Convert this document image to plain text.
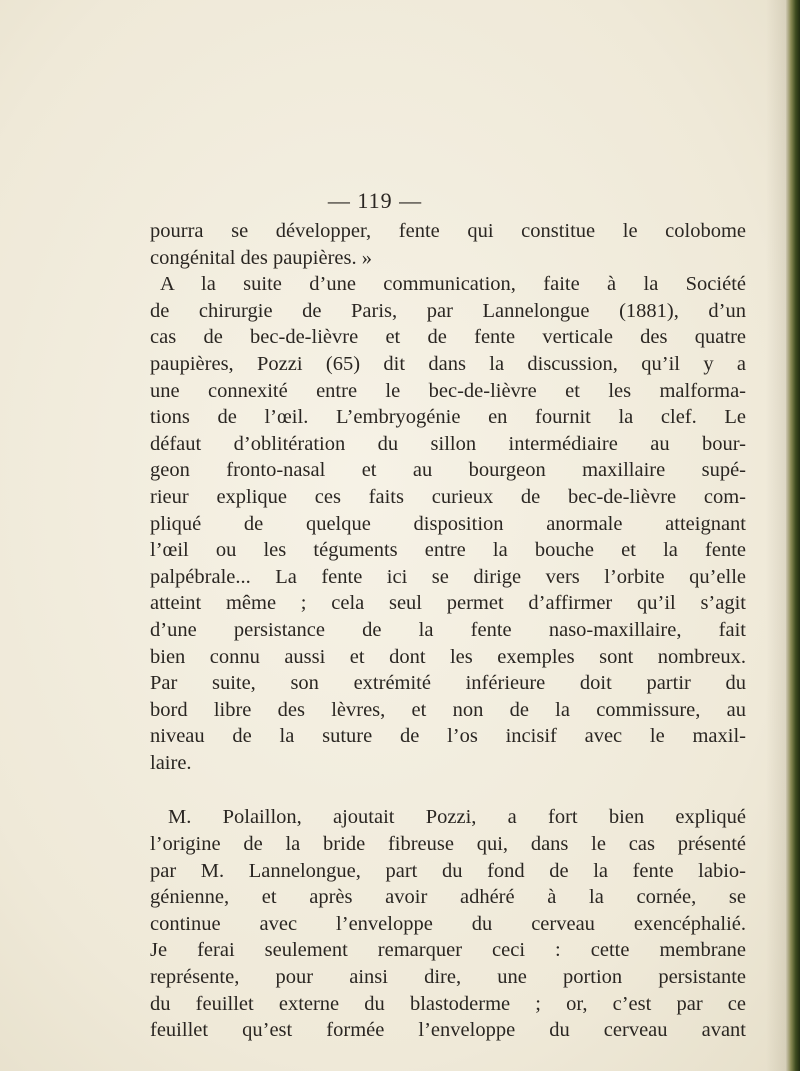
— 119 —
pourra se développer, fente qui constitue le colobome
congénital des paupières. »
A la suite d’une communication, faite à la Société
de chirurgie de Paris, par Lannelongue (1881), d’un
cas de bec-de-lièvre et de fente verticale des quatre
paupières, Pozzi (65) dit dans la discussion, qu’il y a
une connexité entre le bec-de-lièvre et les malforma-
tions de l’œil. L’embryogénie en fournit la clef. Le
défaut d’oblitération du sillon intermédiaire au bour-
geon fronto-nasal et au bourgeon maxillaire supé-
rieur explique ces faits curieux de bec-de-lièvre com-
pliqué de quelque disposition anormale atteignant
l’œil ou les téguments entre la bouche et la fente
palpébrale... La fente ici se dirige vers l’orbite qu’elle
atteint même ; cela seul permet d’affirmer qu’il s’agit
d’une persistance de la fente naso-maxillaire, fait
bien connu aussi et dont les exemples sont nombreux.
Par suite, son extrémité inférieure doit partir du
bord libre des lèvres, et non de la commissure, au
niveau de la suture de l’os incisif avec le maxil-
laire.
M. Polaillon, ajoutait Pozzi, a fort bien expliqué
l’origine de la bride fibreuse qui, dans le cas présenté
par M. Lannelongue, part du fond de la fente labio-
génienne, et après avoir adhéré à la cornée, se
continue avec l’enveloppe du cerveau exencéphalié.
Je ferai seulement remarquer ceci : cette membrane
représente, pour ainsi dire, une portion persistante
du feuillet externe du blastoderme ; or, c’est par ce
feuillet qu’est formée l’enveloppe du cerveau avant
